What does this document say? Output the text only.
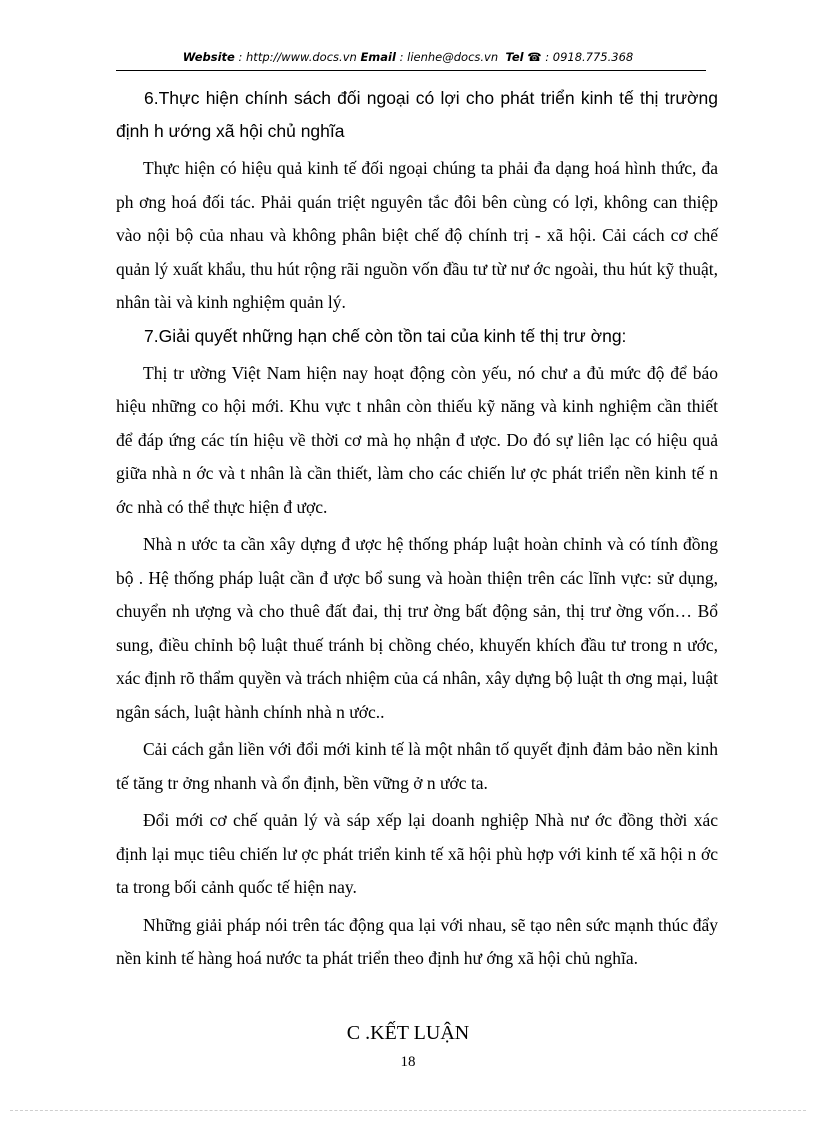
Website : http://www.docs.vn Email : lienhe@docs.vn Tel ☎ : 0918.775.368

6.Thực hiện chính sách đối ngoại có lợi cho phát triển kinh tế thị trường định h ướng xã hội chủ nghĩa

Thực hiện có hiệu quả kinh tế đối ngoại chúng ta phải đa dạng hoá hình thức, đa ph ơng hoá đối tác. Phải quán triệt nguyên tắc đôi bên cùng có lợi, không can thiệp vào nội bộ của nhau và không phân biệt chế độ chính trị - xã hội. Cải cách cơ chế quản lý xuất khẩu, thu hút rộng rãi nguồn vốn đầu tư từ nư ớc ngoài, thu hút kỹ thuật, nhân tài và kinh nghiệm quản lý.

7.Giải quyết những hạn chế còn tồn tai của kinh tế thị trư ờng:

Thị tr ường Việt Nam hiện nay hoạt động còn yếu, nó chư a đủ mức độ để báo hiệu những co hội mới. Khu vực t nhân còn thiếu kỹ năng và kinh nghiệm cần thiết để đáp ứng các tín hiệu về thời cơ mà họ nhận đ ược. Do đó sự liên lạc có hiệu quả giữa nhà n ớc và t nhân là cần thiết, làm cho các chiến lư ợc phát triển nền kinh tế n ớc nhà có thể thực hiện đ ược.

Nhà n ước ta cần xây dựng đ ược hệ thống pháp luật hoàn chỉnh và có tính đồng bộ . Hệ thống pháp luật cần đ ược bổ sung và hoàn thiện trên các lĩnh vực: sử dụng, chuyển nh ượng và cho thuê đất đai, thị trư ờng bất động sản, thị trư ờng vốn… Bổ sung, điều chỉnh bộ luật thuế tránh bị chồng chéo, khuyến khích đầu tư trong n ước, xác định rõ thẩm quyền và trách nhiệm của cá nhân, xây dựng bộ luật th ơng mại, luật ngân sách, luật hành chính nhà n ước..

Cải cách gắn liền với đổi mới kinh tế là một nhân tố quyết định đảm bảo nền kinh tế tăng tr ởng nhanh và ổn định, bền vững ở n ước ta.

Đổi mới cơ chế quản lý và sáp xếp lại doanh nghiệp Nhà nư ớc đồng thời xác định lại mục tiêu chiến lư ợc phát triển kinh tế xã hội phù hợp với kinh tế xã hội n ớc ta trong bối cảnh quốc tế hiện nay.

Những giải pháp nói trên tác động qua lại với nhau, sẽ tạo nên sức mạnh thúc đẩy nền kinh tế hàng hoá nước ta phát triển theo định hư ớng xã hội chủ nghĩa.

C .KẾT LUẬN
18
